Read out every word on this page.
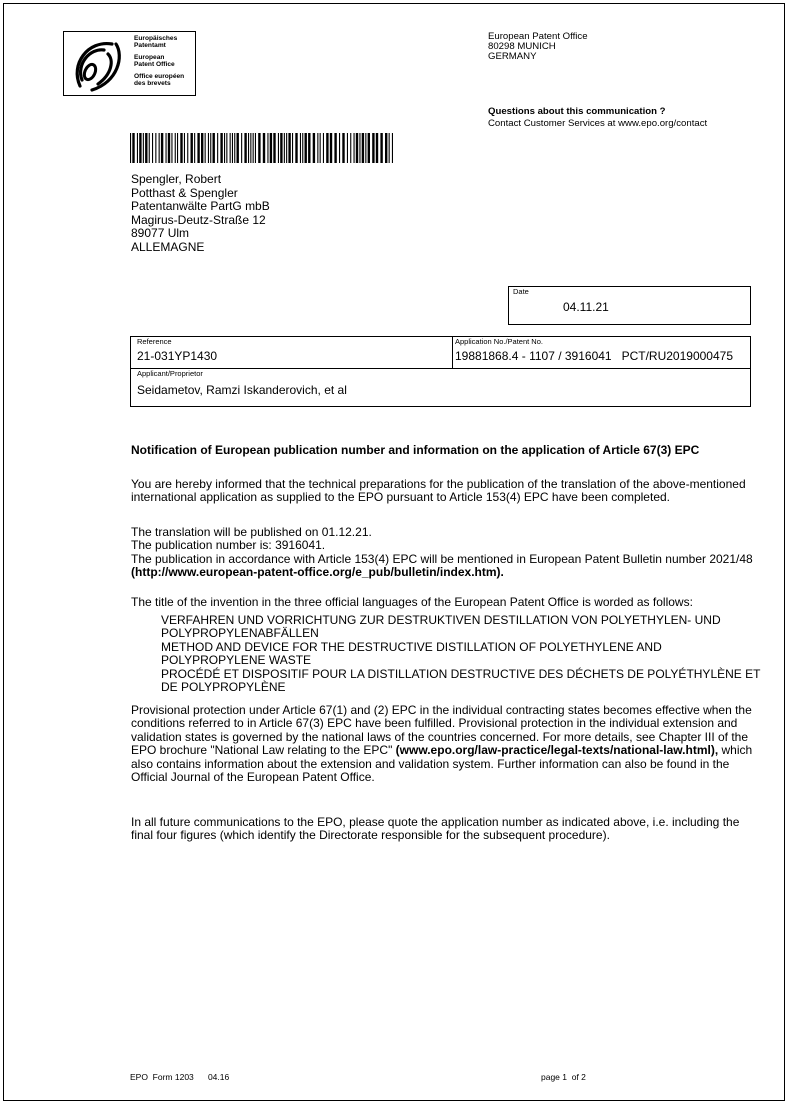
Europäisches
Patentamt
European
Patent Office
Office européen
des brevets
European Patent Office
80298 MUNICH
GERMANY
Questions about this communication ?
Contact Customer Services at www.epo.org/contact
Spengler, Robert
Potthast & Spengler
Patentanwälte PartG mbB
Magirus-Deutz-Straße 12
89077 Ulm
ALLEMAGNE
Date
04.11.21
Reference
21-031YP1430
Application No./Patent No.
19881868.4 - 1107 / 3916041   PCT/RU2019000475
Applicant/Proprietor
Seidametov, Ramzi Iskanderovich, et al
Notification of European publication number and information on the application of Article 67(3) EPC
You are hereby informed that the technical preparations for the publication of the translation of the above-mentioned international application as supplied to the EPO pursuant to Article 153(4) EPC have been completed.

The translation will be published on 01.12.21.

The publication number is: 3916041.

The publication in accordance with Article 153(4) EPC will be mentioned in European Patent Bulletin number 2021/48 (http://www.european-patent-office.org/e_pub/bulletin/index.htm).

The title of the invention in the three official languages of the European Patent Office is worded as follows:

VERFAHREN UND VORRICHTUNG ZUR DESTRUKTIVEN DESTILLATION VON POLYETHYLEN- UND POLYPROPYLENABFÄLLEN

METHOD AND DEVICE FOR THE DESTRUCTIVE DISTILLATION OF POLYETHYLENE AND POLYPROPYLENE WASTE

PROCÉDÉ ET DISPOSITIF POUR LA DISTILLATION DESTRUCTIVE DES DÉCHETS DE POLYÉTHYLÈNE ET DE POLYPROPYLÈNE

Provisional protection under Article 67(1) and (2) EPC in the individual contracting states becomes effective when the conditions referred to in Article 67(3) EPC have been fulfilled. Provisional protection in the individual extension and validation states is governed by the national laws of the countries concerned. For more details, see Chapter III of the EPO brochure "National Law relating to the EPC" (www.epo.org/law-practice/legal-texts/national-law.html), which also contains information about the extension and validation system. Further information can also be found in the Official Journal of the European Patent Office.
In all future communications to the EPO, please quote the application number as indicated above, i.e. including the final four figures (which identify the Directorate responsible for the subsequent procedure).
EPO  Form 1203      04.16	page 1  of 2
